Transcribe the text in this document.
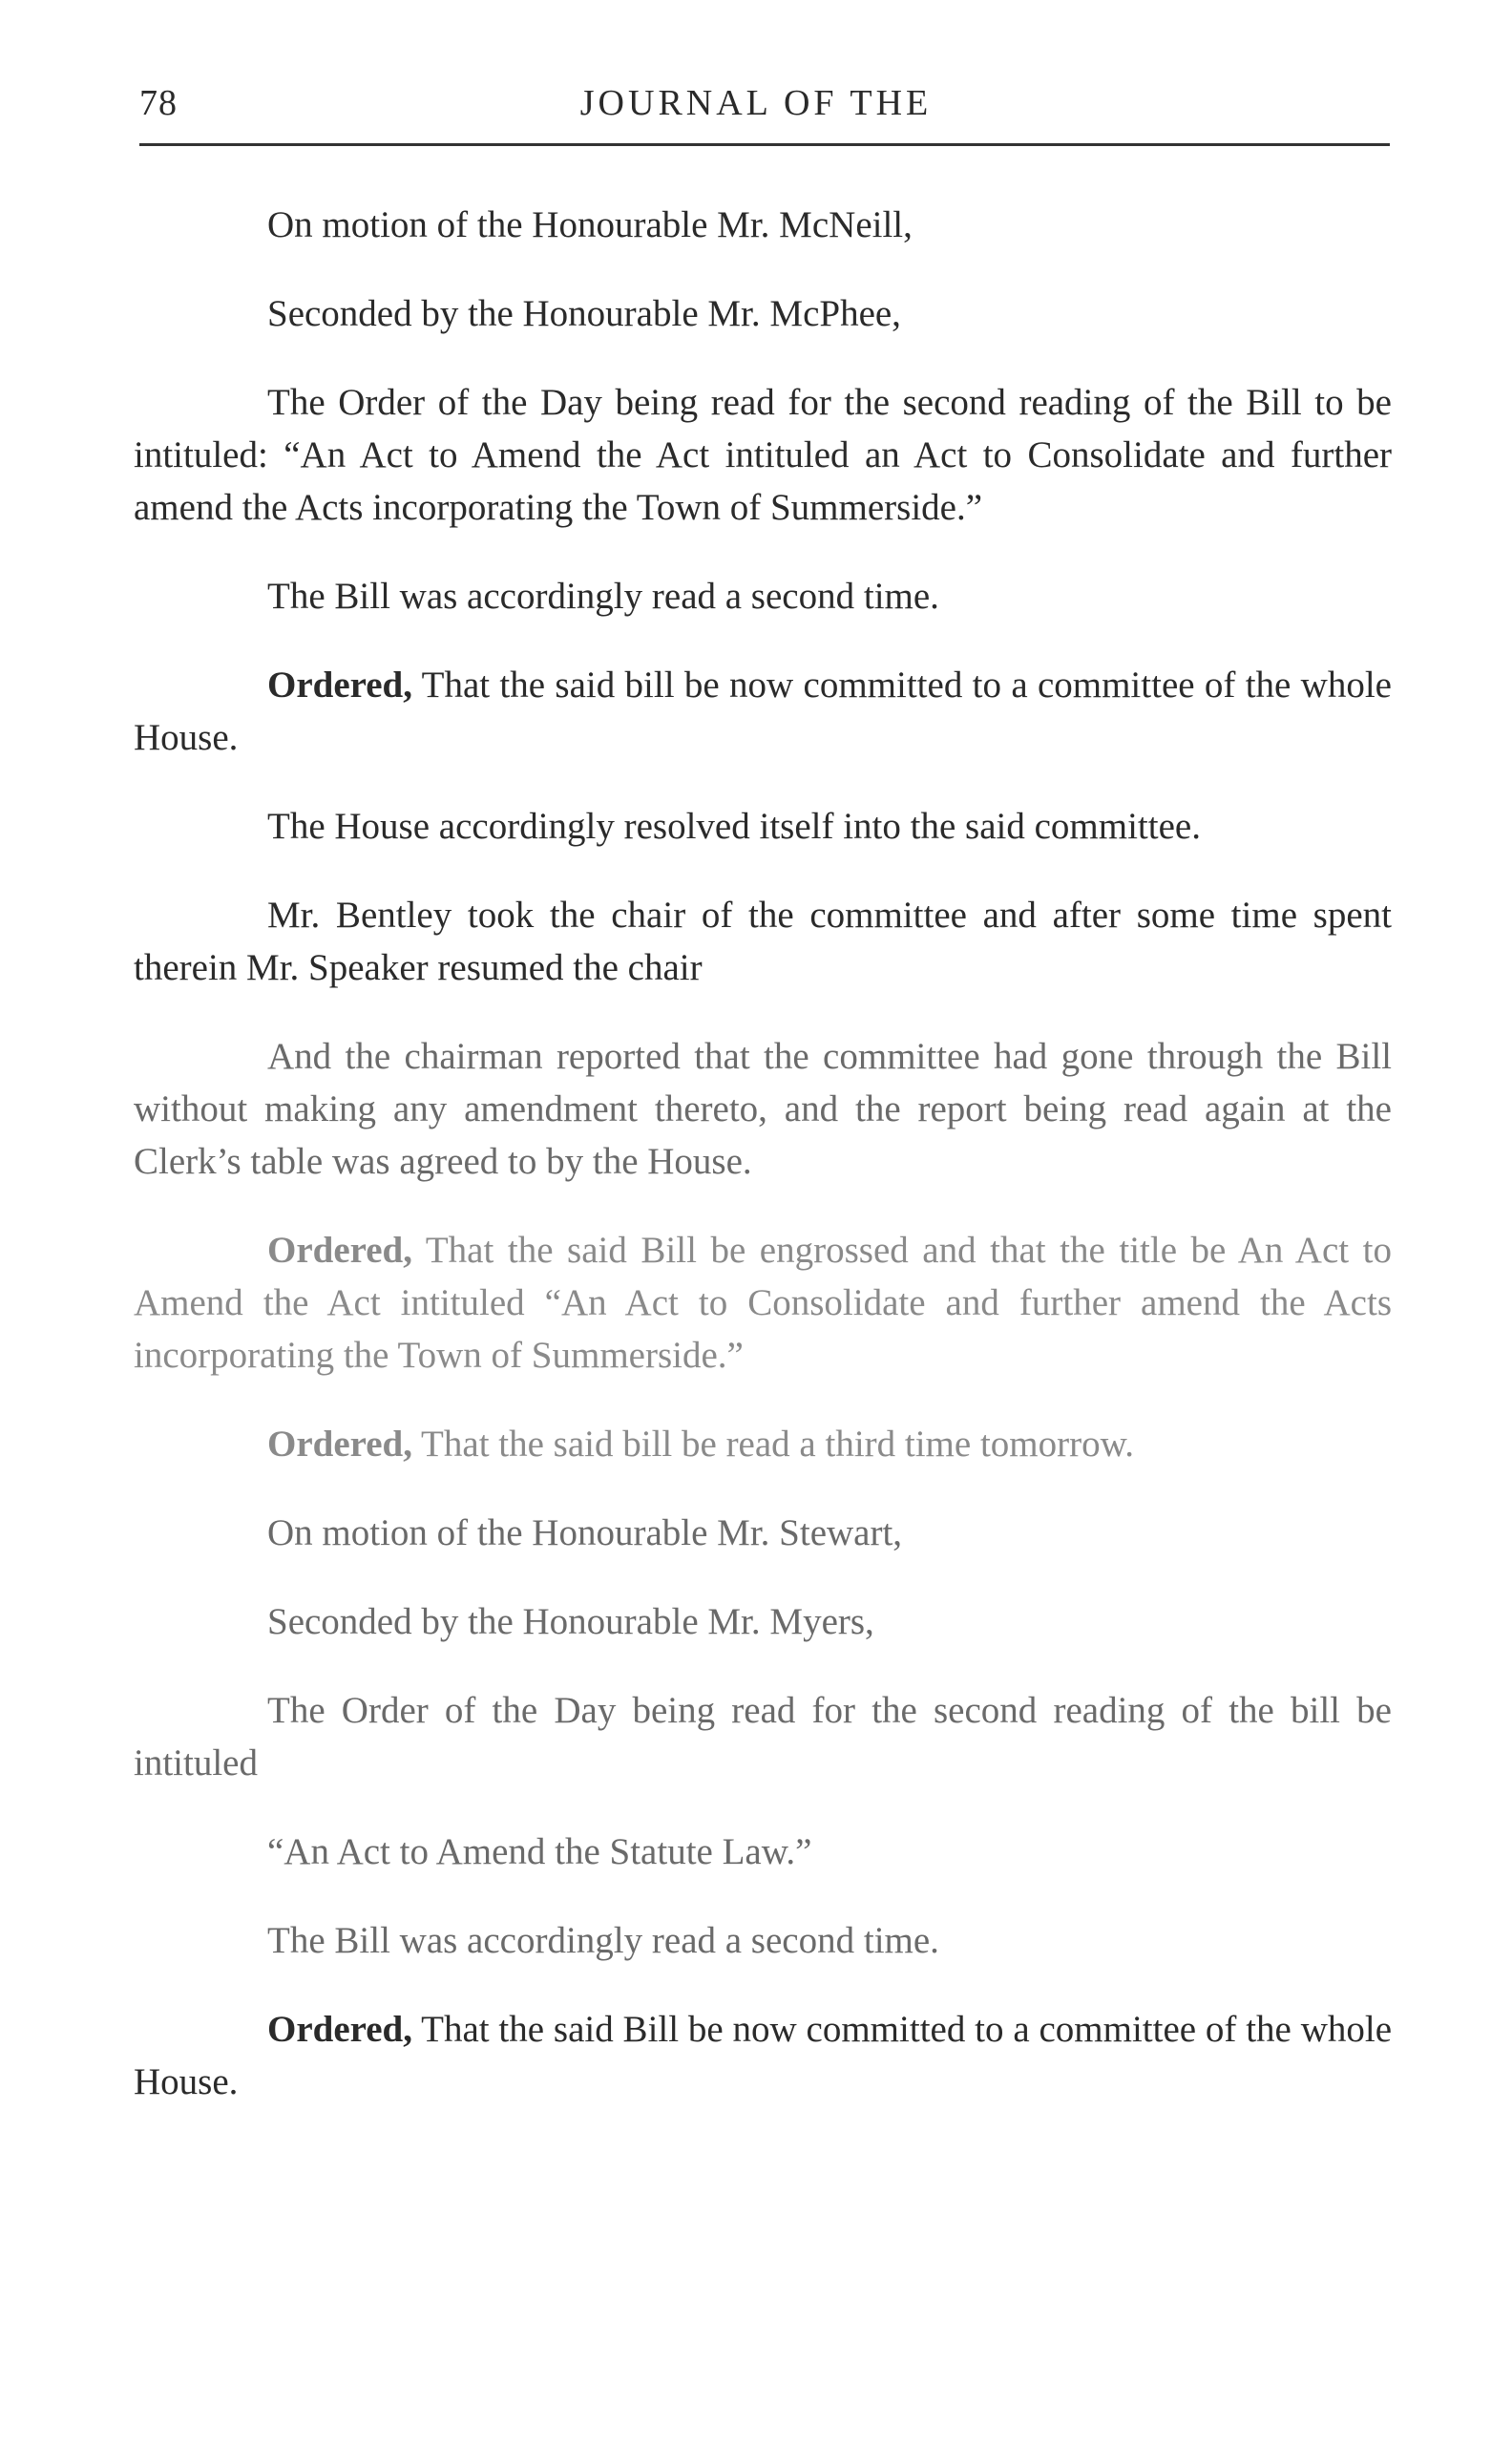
78	JOURNAL OF THE

On motion of the Honourable Mr. McNeill,

Seconded by the Honourable Mr. McPhee,

The Order of the Day being read for the second reading of the Bill to be intituled: “An Act to Amend the Act intituled an Act to Consolidate and further amend the Acts incorporating the Town of Summerside.”

The Bill was accordingly read a second time.

Ordered, That the said bill be now committed to a committee of the whole House.

The House accordingly resolved itself into the said committee.

Mr. Bentley took the chair of the committee and after some time spent therein Mr. Speaker resumed the chair

And the chairman reported that the committee had gone through the Bill without making any amendment thereto, and the report being read again at the Clerk’s table was agreed to by the House.

Ordered, That the said Bill be engrossed and that the title be An Act to Amend the Act intituled “An Act to Consolidate and further amend the Acts incorporating the Town of Summerside.”

Ordered, That the said bill be read a third time tomorrow.

On motion of the Honourable Mr. Stewart,

Seconded by the Honourable Mr. Myers,

The Order of the Day being read for the second reading of the bill be intituled

“An Act to Amend the Statute Law.”

The Bill was accordingly read a second time.

Ordered, That the said Bill be now committed to a committee of the whole House.
